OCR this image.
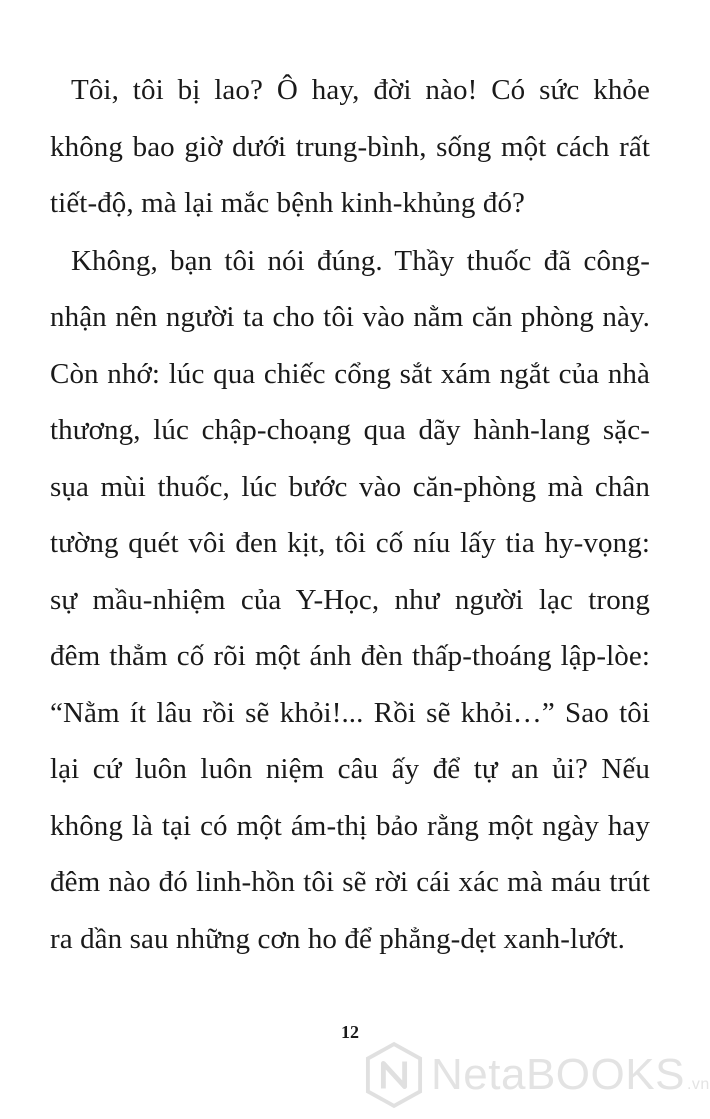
Tôi, tôi bị lao? Ô hay, đời nào! Có sức khỏe không bao giờ dưới trung-bình, sống một cách rất tiết-độ, mà lại mắc bệnh kinh-khủng đó?

Không, bạn tôi nói đúng. Thầy thuốc đã công-nhận nên người ta cho tôi vào nằm căn phòng này. Còn nhớ: lúc qua chiếc cổng sắt xám ngắt của nhà thương, lúc chập-choạng qua dãy hành-lang sặc-sụa mùi thuốc, lúc bước vào căn-phòng mà chân tường quét vôi đen kịt, tôi cố níu lấy tia hy-vọng: sự mầu-nhiệm của Y-Học, như người lạc trong đêm thẳm cố rõi một ánh đèn thấp-thoáng lập-lòe: “Nằm ít lâu rồi sẽ khỏi!... Rồi sẽ khỏi…” Sao tôi lại cứ luôn luôn niệm câu ấy để tự an ủi? Nếu không là tại có một ám-thị bảo rằng một ngày hay đêm nào đó linh-hồn tôi sẽ rời cái xác mà máu trút ra dần sau những cơn ho để phẳng-dẹt xanh-lướt.

12
NetaBOOKS .vn
